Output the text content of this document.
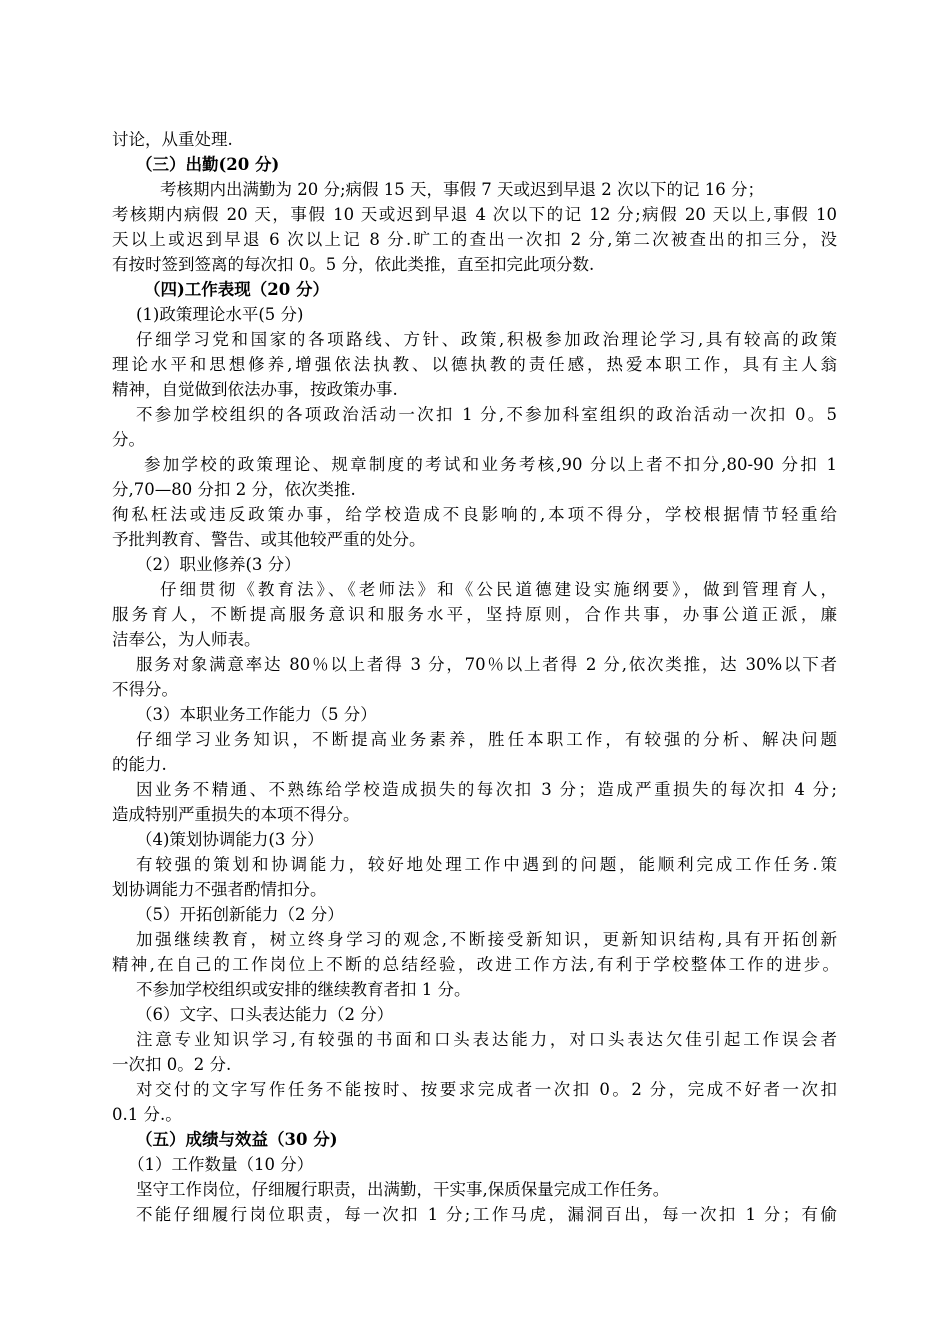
讨论，从重处理.
（三）出勤(20 分)
考核期内出满勤为 20 分;病假 15 天，事假 7 天或迟到早退 2 次以下的记 16 分；
考核期内病假 20 天，事假 10 天或迟到早退 4 次以下的记 12 分;病假 20 天以上,事假 10
天以上或迟到早退 6 次以上记 8 分.旷工的查出一次扣 2 分,第二次被查出的扣三分，没
有按时签到签离的每次扣 0。5 分，依此类推，直至扣完此项分数.
（四)工作表现（20 分）
(1)政策理论水平(5 分)
仔细学习党和国家的各项路线、方针、政策,积极参加政治理论学习,具有较高的政策
理论水平和思想修养,增强依法执教、以德执教的责任感，热爱本职工作，具有主人翁
精神，自觉做到依法办事，按政策办事.
不参加学校组织的各项政治活动一次扣 1 分,不参加科室组织的政治活动一次扣 0。5
分。
参加学校的政策理论、规章制度的考试和业务考核,90 分以上者不扣分,80-90 分扣 1
分,70—80 分扣 2 分，依次类推.
徇私枉法或违反政策办事，给学校造成不良影响的,本项不得分，学校根据情节轻重给
予批判教育、警告、或其他较严重的处分。
（2）职业修养(3 分）
仔细贯彻《教育法》、《老师法》和《公民道德建设实施纲要》，做到管理育人，
服务育人，不断提高服务意识和服务水平，坚持原则，合作共事，办事公道正派，廉
洁奉公，为人师表。
服务对象满意率达 80％以上者得 3 分，70％以上者得 2 分,依次类推，达 30%以下者
不得分。
（3）本职业务工作能力（5 分）
仔细学习业务知识，不断提高业务素养，胜任本职工作，有较强的分析、解决问题
的能力.
因业务不精通、不熟练给学校造成损失的每次扣 3 分；造成严重损失的每次扣 4 分;
造成特别严重损失的本项不得分。
（4)策划协调能力(3 分）
有较强的策划和协调能力，较好地处理工作中遇到的问题，能顺利完成工作任务.策
划协调能力不强者酌情扣分。
（5）开拓创新能力（2 分）
加强继续教育，树立终身学习的观念,不断接受新知识，更新知识结构,具有开拓创新
精神,在自己的工作岗位上不断的总结经验，改进工作方法,有利于学校整体工作的进步。
不参加学校组织或安排的继续教育者扣 1 分。
（6）文字、口头表达能力（2 分）
注意专业知识学习,有较强的书面和口头表达能力，对口头表达欠佳引起工作误会者
一次扣 0。2 分.
对交付的文字写作任务不能按时、按要求完成者一次扣 0。2 分，完成不好者一次扣
0.1 分.。
（五）成绩与效益（30 分)
（1）工作数量（10 分）
坚守工作岗位，仔细履行职责，出满勤，干实事,保质保量完成工作任务。
不能仔细履行岗位职责，每一次扣 1 分;工作马虎，漏洞百出，每一次扣 1 分；有偷
